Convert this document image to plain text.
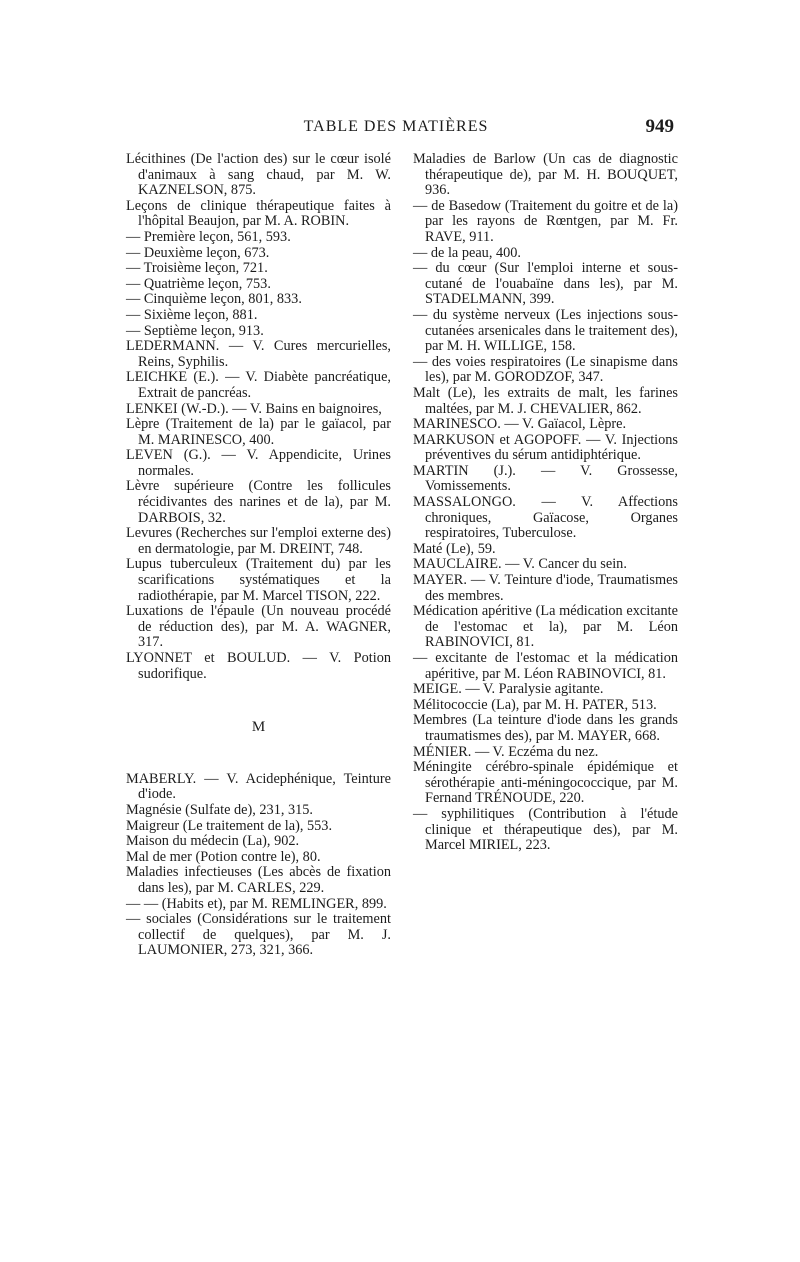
TABLE DES MATIÈRES	949

Lécithines (De l'action des) sur le cœur isolé d'animaux à sang chaud, par M. W. KAZNELSON, 875.

Leçons de clinique thérapeutique faites à l'hôpital Beaujon, par M. A. ROBIN.

— Première leçon, 561, 593.

— Deuxième leçon, 673.

— Troisième leçon, 721.

— Quatrième leçon, 753.

— Cinquième leçon, 801, 833.

— Sixième leçon, 881.

— Septième leçon, 913.

LEDERMANN. — V. Cures mercurielles, Reins, Syphilis.

LEICHKE (E.). — V. Diabète pancréatique, Extrait de pancréas.

LENKEI (W.-D.). — V. Bains en baignoires,

Lèpre (Traitement de la) par le gaïacol, par M. MARINESCO, 400.

LEVEN (G.). — V. Appendicite, Urines normales.

Lèvre supérieure (Contre les follicules récidivantes des narines et de la), par M. DARBOIS, 32.

Levures (Recherches sur l'emploi externe des) en dermatologie, par M. DREINT, 748.

Lupus tuberculeux (Traitement du) par les scarifications systématiques et la radiothérapie, par M. Marcel TISON, 222.

Luxations de l'épaule (Un nouveau procédé de réduction des), par M. A. WAGNER, 317.

LYONNET et BOULUD. — V. Potion sudorifique.

M

MABERLY. — V. Acidephénique, Teinture d'iode.

Magnésie (Sulfate de), 231, 315.

Maigreur (Le traitement de la), 553.

Maison du médecin (La), 902.

Mal de mer (Potion contre le), 80.

Maladies infectieuses (Les abcès de fixation dans les), par M. CARLES, 229.

— — (Habits et), par M. REMLINGER, 899.

— sociales (Considérations sur le traitement collectif de quelques), par M. J. LAUMONIER, 273, 321, 366.

Maladies de Barlow (Un cas de diagnostic thérapeutique de), par M. H. BOUQUET, 936.

— de Basedow (Traitement du goitre et de la) par les rayons de Rœntgen, par M. Fr. RAVE, 911.

— de la peau, 400.

— du cœur (Sur l'emploi interne et sous-cutané de l'ouabaïne dans les), par M. STADELMANN, 399.

— du système nerveux (Les injections sous-cutanées arsenicales dans le traitement des), par M. H. WILLIGE, 158.

— des voies respiratoires (Le sinapisme dans les), par M. GORODZOF, 347.

Malt (Le), les extraits de malt, les farines maltées, par M. J. CHEVALIER, 862.

MARINESCO. — V. Gaïacol, Lèpre.

MARKUSON et AGOPOFF. — V. Injections préventives du sérum antidiphtérique.

MARTIN (J.). — V. Grossesse, Vomissements.

MASSALONGO. — V. Affections chroniques, Gaïacose, Organes respiratoires, Tuberculose.

Maté (Le), 59.

MAUCLAIRE. — V. Cancer du sein.

MAYER. — V. Teinture d'iode, Traumatismes des membres.

Médication apéritive (La médication excitante de l'estomac et la), par M. Léon RABINOVICI, 81.

— excitante de l'estomac et la médication apéritive, par M. Léon RABINOVICI, 81.

MEIGE. — V. Paralysie agitante.

Mélitococcie (La), par M. H. PATER, 513.

Membres (La teinture d'iode dans les grands traumatismes des), par M. MAYER, 668.

MÉNIER. — V. Eczéma du nez.

Méningite cérébro-spinale épidémique et sérothérapie anti-méningococcique, par M. Fernand TRÉNOUDE, 220.

— syphilitiques (Contribution à l'étude clinique et thérapeutique des), par M. Marcel MIRIEL, 223.
